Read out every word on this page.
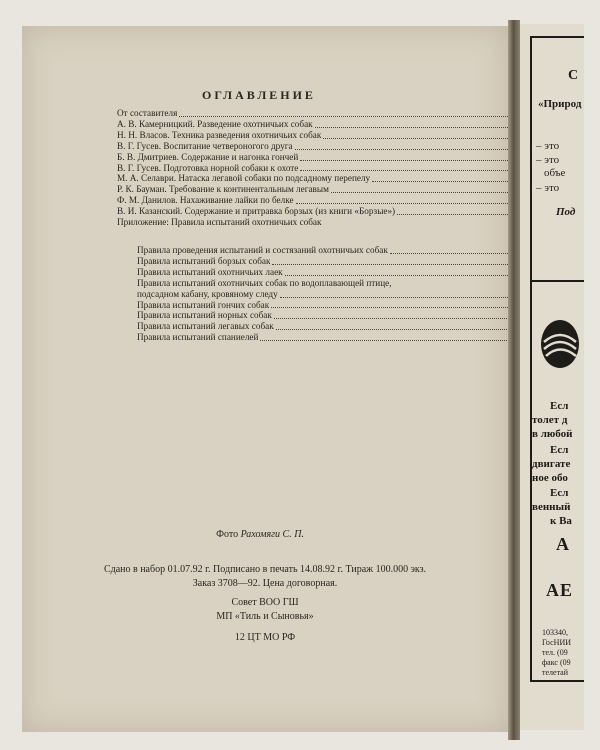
ОГЛАВЛЕНИЕ
От составителя
А. В. Камерницкий. Разведение охотничьих собак
Н. Н. Власов. Техника разведения охотничьих собак
В. Г. Гусев. Воспитание четвероногого друга
Б. В. Дмитриев. Содержание и нагонка гончей
В. Г. Гусев. Подготовка норной собаки к охоте
М. А. Селаври. Натаска легавой собаки по подсадному перепелу
Р. К. Бауман. Требование к континентальным легавым
Ф. М. Данилов. Нахаживание лайки по белке
В. И. Казанский. Содержание и притравка борзых (из книги «Борзые»)
Приложение: Правила испытаний охотничьих собак
Правила проведения испытаний и состязаний охотничьих собак
Правила испытаний борзых собак
Правила испытаний охотничьих лаек
Правила испытаний охотничьих собак по водоплавающей птице,
подсадном кабану, кровяному следу
Правила испытаний гончих собак
Правила испытаний норных собак
Правила испытаний легавых собак
Правила испытаний спаниелей
Фото Рахомяги С. П.
Сдано в набор 01.07.92 г. Подписано в печать 14.08.92 г. Тираж 100.000 экз.
Заказ 3708—92. Цена договорная.
Совет ВОО ГШ
МП «Тиль и Сыновья»
12 ЦТ МО РФ
С
«Природ
– это
– это
объе
– это
Под
Есл
толет д
в любой
Есл
двигате
ное обо
Есл
венный
к Ва
А
АЕ
103340,
ГосНИИ
тел. (09
факс (09
телетай
